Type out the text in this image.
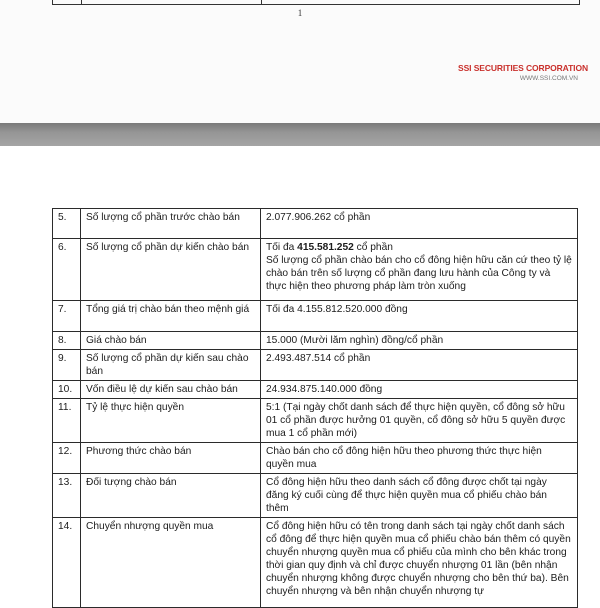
1
SSI SECURITIES CORPORATION
WWW.SSI.COM.VN
5.	Số lượng cổ phần trước chào bán	2.077.906.262 cổ phần
6.	Số lượng cổ phần dự kiến chào bán	Tối đa 415.581.252 cổ phần
Số lượng cổ phần chào bán cho cổ đông hiện hữu căn cứ theo tỷ lệ chào bán trên số lượng cổ phần đang lưu hành của Công ty và thực hiện theo phương pháp làm tròn xuống

7.	Tổng giá trị chào bán theo mệnh giá	Tối đa 4.155.812.520.000 đồng
8.	Giá chào bán	15.000 (Mười lăm nghìn) đồng/cổ phần
9.	Số lượng cổ phần dự kiến sau chào bán	2.493.487.514 cổ phần
10.	Vốn điều lệ dự kiến sau chào bán	24.934.875.140.000 đồng
11.	Tỷ lệ thực hiện quyền	5:1 (Tại ngày chốt danh sách để thực hiện quyền, cổ đông sở hữu 01 cổ phần được hưởng 01 quyền, cổ đông sở hữu 5 quyền được mua 1 cổ phần mới)
12.	Phương thức chào bán	Chào bán cho cổ đông hiện hữu theo phương thức thực hiện quyền mua
13.	Đối tượng chào bán	Cổ đông hiện hữu theo danh sách cổ đông được chốt tại ngày đăng ký cuối cùng để thực hiện quyền mua cổ phiếu chào bán thêm
14.	Chuyển nhượng quyền mua	Cổ đông hiện hữu có tên trong danh sách tại ngày chốt danh sách cổ đông để thực hiện quyền mua cổ phiếu chào bán thêm có quyền chuyển nhượng quyền mua cổ phiếu của mình cho bên khác trong thời gian quy định và chỉ được chuyển nhượng 01 lần (bên nhận chuyển nhượng không được chuyển nhượng cho bên thứ ba). Bên chuyển nhượng và bên nhận chuyển nhượng tự
